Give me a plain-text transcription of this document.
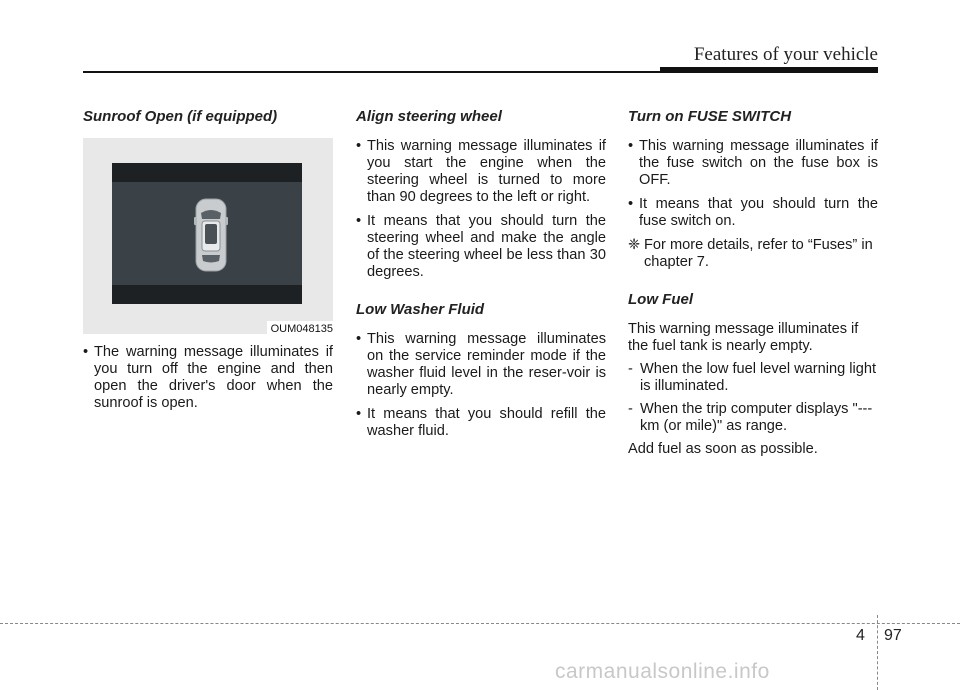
Features of your vehicle
Sunroof Open (if equipped)
OUM048135
• The warning message illuminates if you turn off the engine and then open the driver's door when the sunroof is open.
Align steering wheel
• This warning message illuminates if you start the engine when the steering wheel is turned to more than 90 degrees to the left or right.
• It means that you should turn the steering wheel and make the angle of the steering wheel be less than 30 degrees.
Low Washer Fluid
• This warning message illuminates on the service reminder mode if the washer fluid level in the reser-voir is nearly empty.
• It means that you should refill the washer fluid.
Turn on FUSE SWITCH
• This warning message illuminates if the fuse switch on the fuse box is OFF.
• It means that you should turn the fuse switch on.
❈ For more details, refer to “Fuses” in chapter 7.
Low Fuel

This warning message illuminates if the fuel tank is nearly empty.

- When the low fuel level warning light is illuminated.
- When the trip computer displays "--- km (or mile)" as range.

Add fuel as soon as possible.

4 97
carmanualsonline.info
